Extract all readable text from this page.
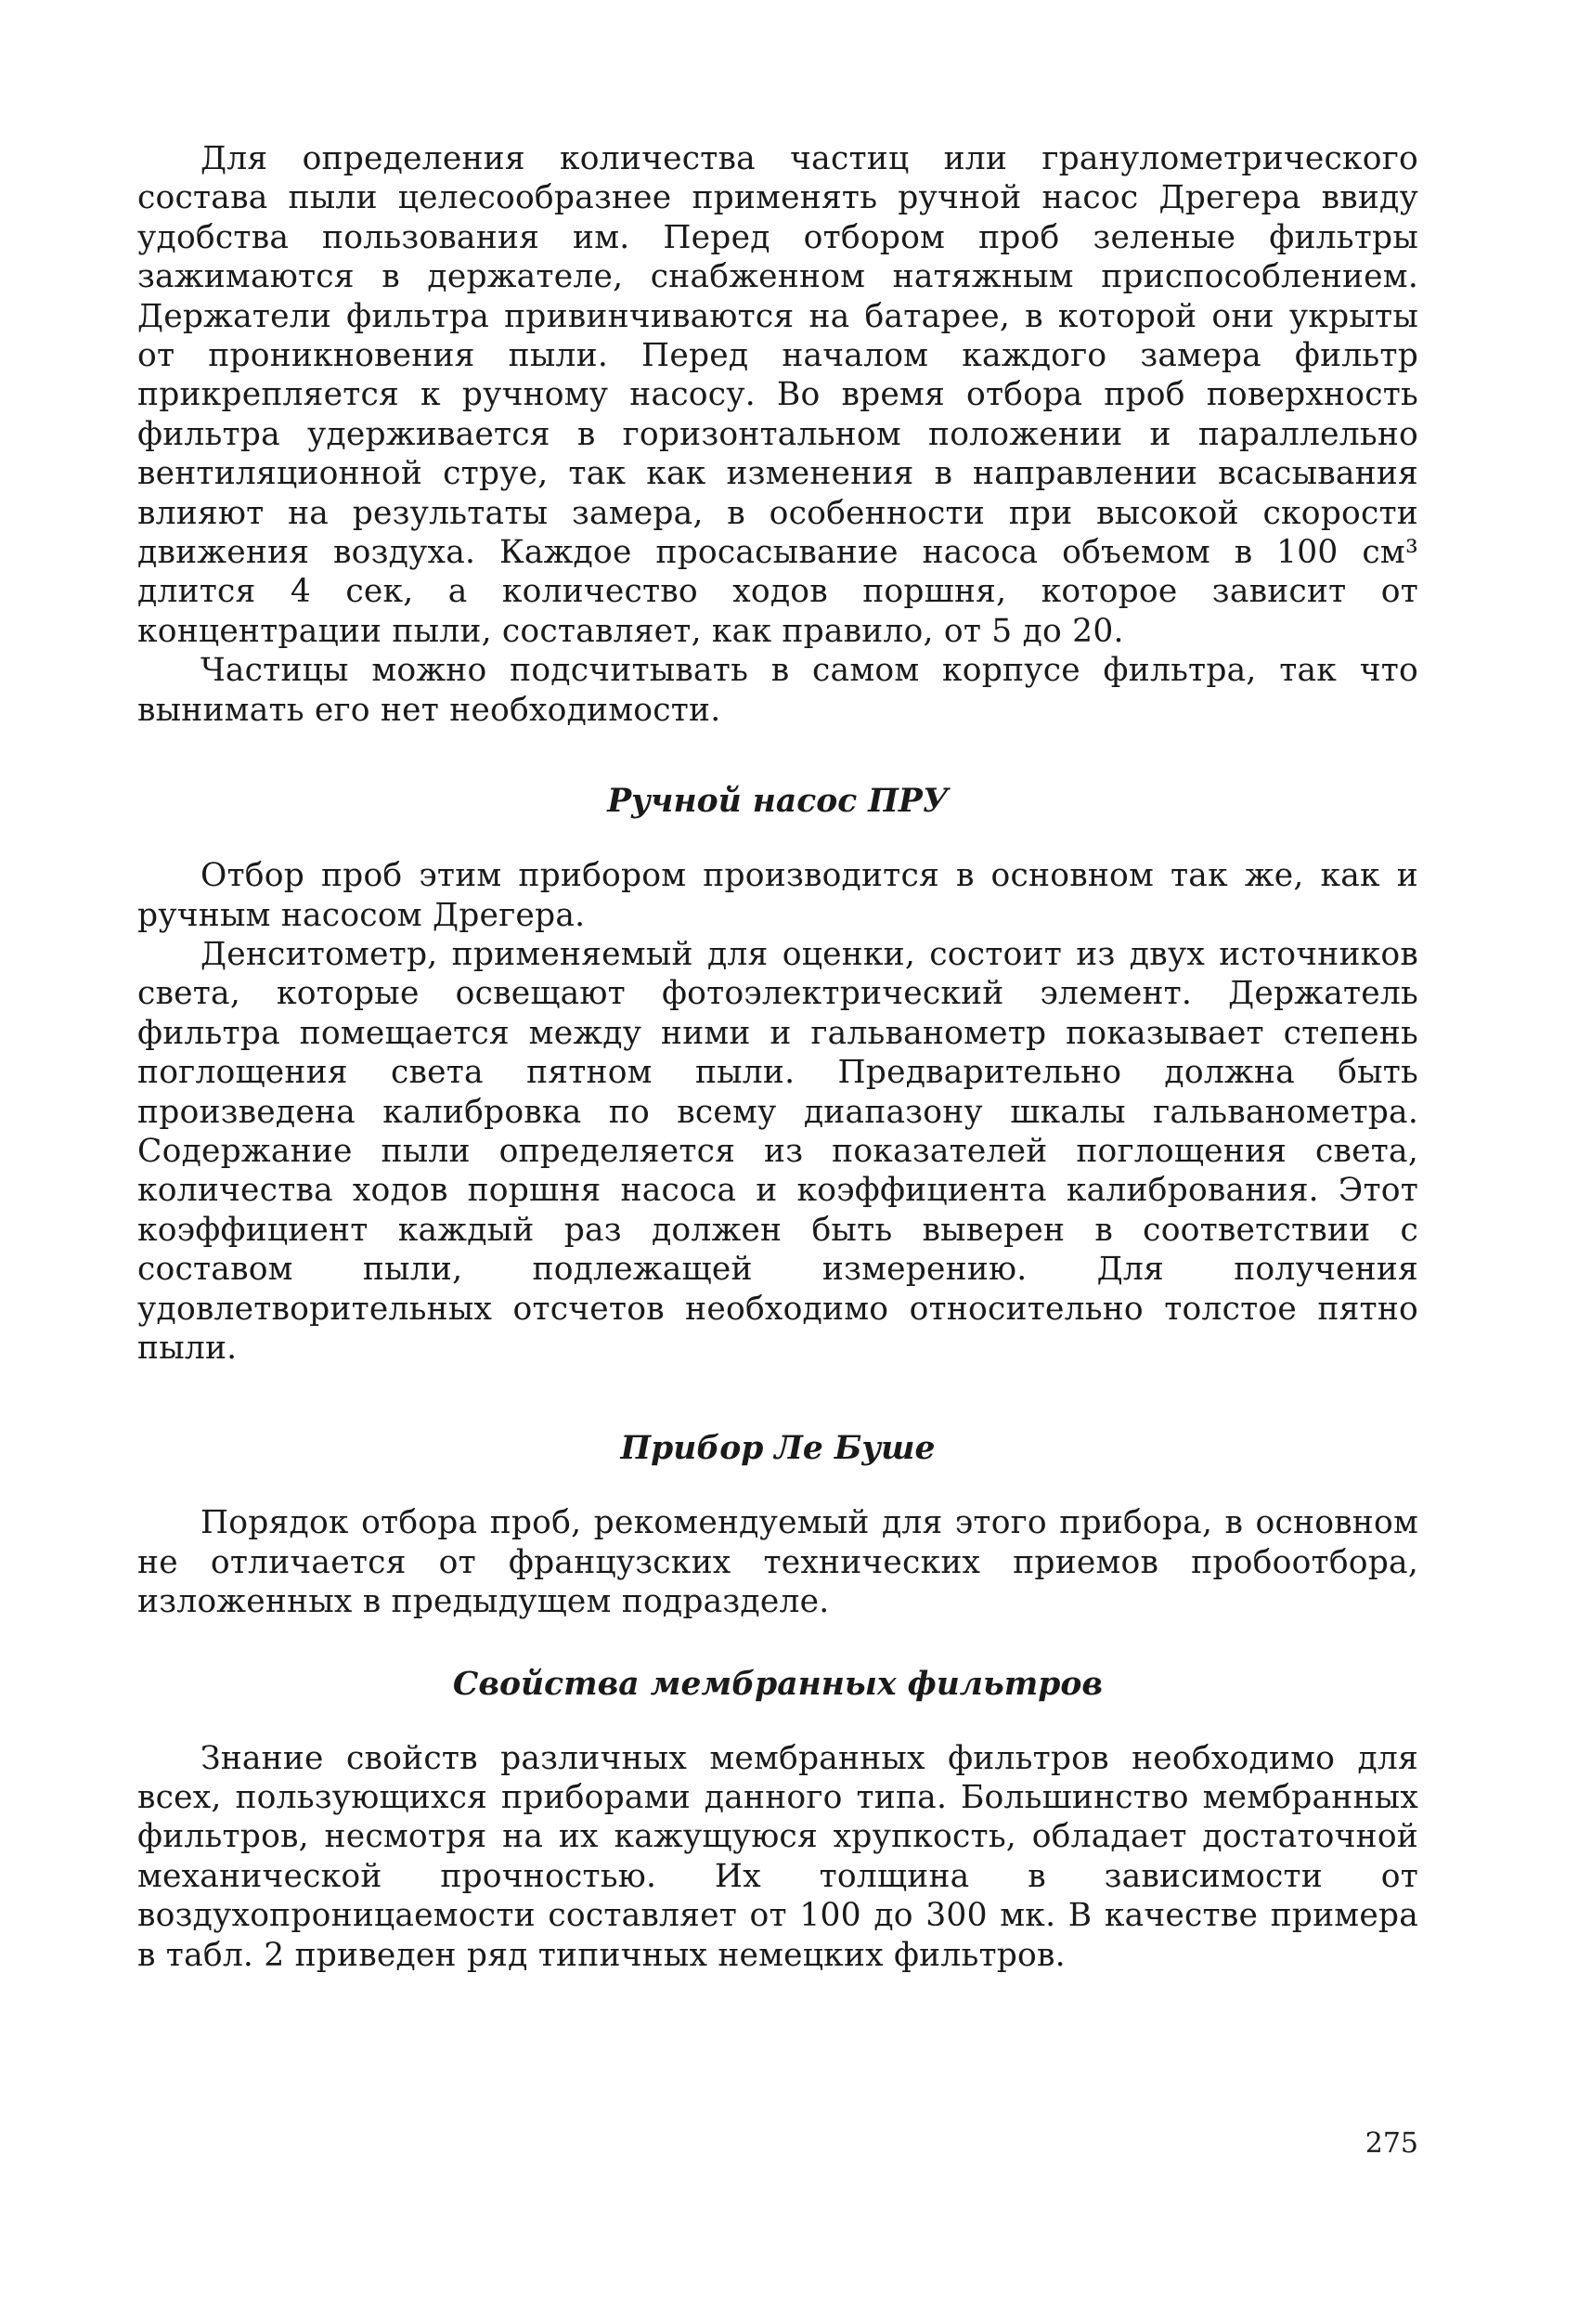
Для определения количества частиц или гранулометрического состава пыли целесообразнее применять ручной насос Дрегера ввиду удобства пользования им. Перед отбором проб зеленые фильтры зажимаются в держателе, снабженном натяжным приспособлением. Держатели фильтра привинчиваются на батарее, в которой они укрыты от проникновения пыли. Перед началом каждого замера фильтр прикрепляется к ручному насосу. Во время отбора проб поверхность фильтра удерживается в горизонтальном положении и параллельно вентиляционной струе, так как изменения в направлении всасывания влияют на результаты замера, в особенности при высокой скорости движения воздуха. Каждое просасывание насоса объемом в 100 см³ длится 4 сек, а количество ходов поршня, которое зависит от концентрации пыли, составляет, как правило, от 5 до 20.

Частицы можно подсчитывать в самом корпусе фильтра, так что вынимать его нет необходимости.

Ручной насос ПРУ

Отбор проб этим прибором производится в основном так же, как и ручным насосом Дрегера.

Денситометр, применяемый для оценки, состоит из двух источников света, которые освещают фотоэлектрический элемент. Держатель фильтра помещается между ними и гальванометр показывает степень поглощения света пятном пыли. Предварительно должна быть произведена калибровка по всему диапазону шкалы гальванометра. Содержание пыли определяется из показателей поглощения света, количества ходов поршня насоса и коэффициента калибрования. Этот коэффициент каждый раз должен быть выверен в соответствии с составом пыли, подлежащей измерению. Для получения удовлетворительных отсчетов необходимо относительно толстое пятно пыли.

Прибор Ле Буше

Порядок отбора проб, рекомендуемый для этого прибора, в основном не отличается от французских технических приемов пробоотбора, изложенных в предыдущем подразделе.

Свойства мембранных фильтров

Знание свойств различных мембранных фильтров необходимо для всех, пользующихся приборами данного типа. Большинство мембранных фильтров, несмотря на их кажущуюся хрупкость, обладает достаточной механической прочностью. Их толщина в зависимости от воздухопроницаемости составляет от 100 до 300 мк. В качестве примера в табл. 2 приведен ряд типичных немецких фильтров.

275
